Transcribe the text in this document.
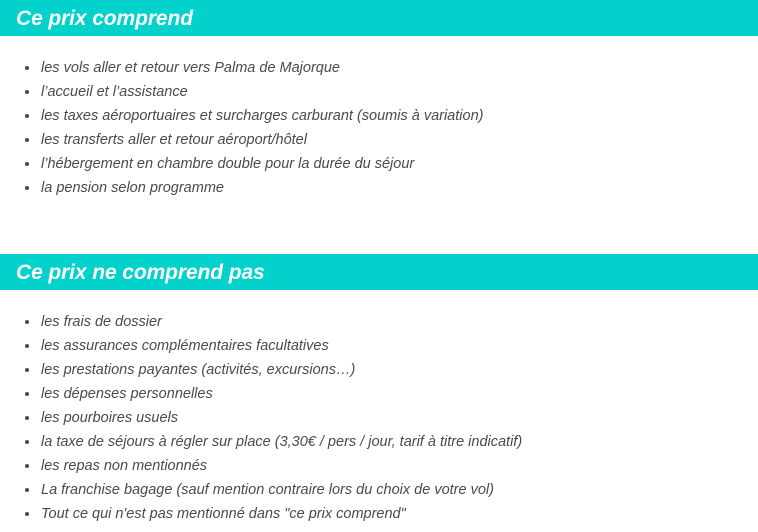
Ce prix comprend
les vols aller et retour vers Palma de Majorque
l’accueil et l’assistance
les taxes aéroportuaires et surcharges carburant (soumis à variation)
les transferts aller et retour aéroport/hôtel
l’hébergement en chambre double pour la durée du séjour
la pension selon programme
Ce prix ne comprend pas
les frais de dossier
les assurances complémentaires facultatives
les prestations payantes (activités, excursions…)
les dépenses personnelles
les pourboires usuels
la taxe de séjours à régler sur place (3,30€ / pers / jour, tarif à titre indicatif)
les repas non mentionnés
La franchise bagage (sauf mention contraire lors du choix de votre vol)
Tout ce qui n'est pas mentionné dans "ce prix comprend"
